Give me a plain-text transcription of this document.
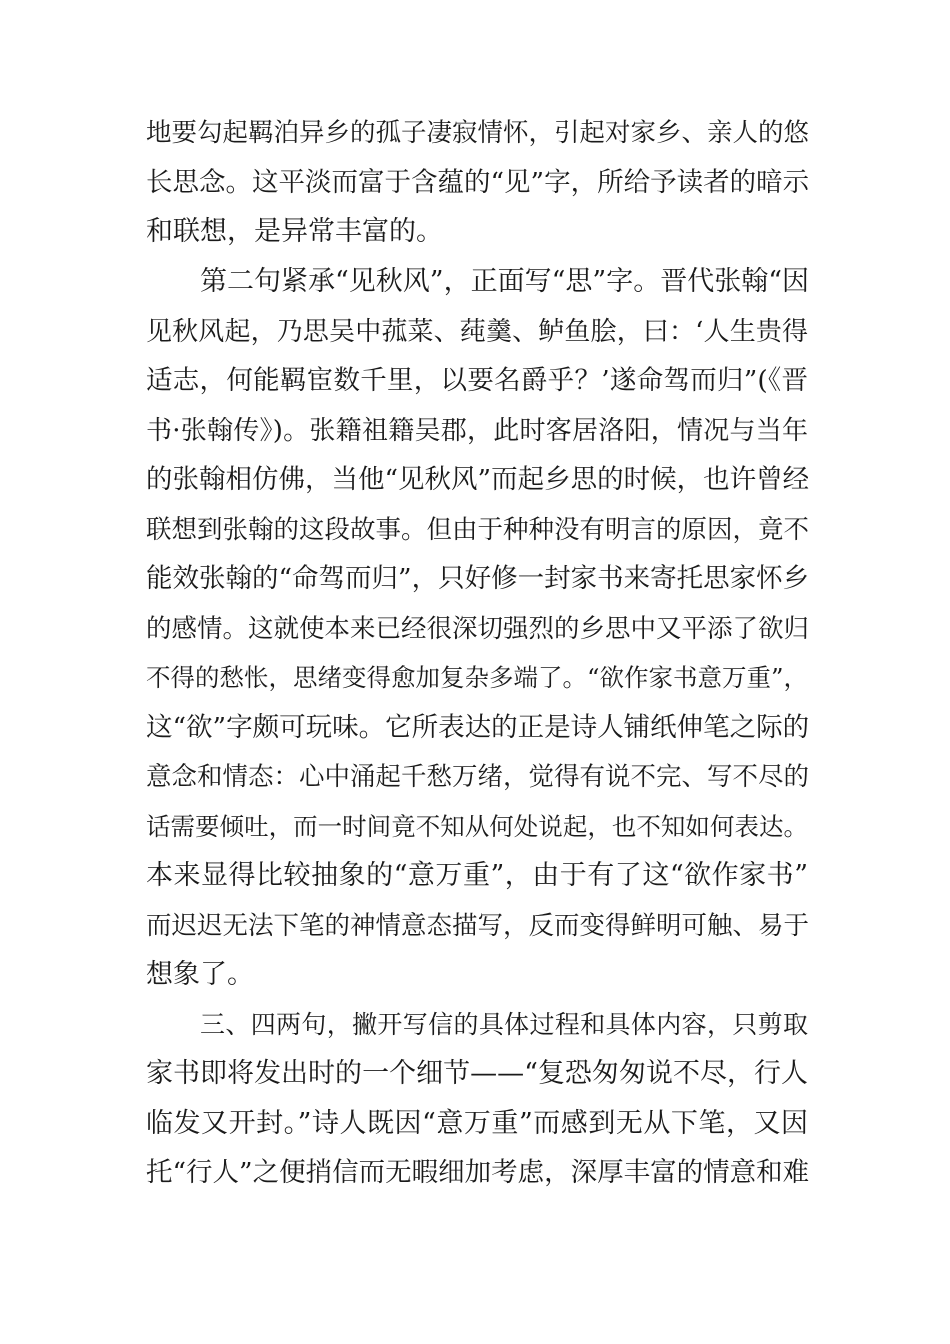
地要勾起羁泊异乡的孤子凄寂情怀，引起对家乡、亲人的悠
长思念。这平淡而富于含蕴的“见”字，所给予读者的暗示
和联想，是异常丰富的。
第二句紧承“见秋风”，正面写“思”字。晋代张翰“因
见秋风起，乃思吴中菰菜、莼羹、鲈鱼脍，曰：‘人生贵得
适志，何能羁宦数千里，以要名爵乎？’遂命驾而归”(《晋
书·张翰传》)。张籍祖籍吴郡，此时客居洛阳，情况与当年
的张翰相仿佛，当他“见秋风”而起乡思的时候，也许曾经
联想到张翰的这段故事。但由于种种没有明言的原因，竟不
能效张翰的“命驾而归”，只好修一封家书来寄托思家怀乡
的感情。这就使本来已经很深切强烈的乡思中又平添了欲归
不得的愁怅，思绪变得愈加复杂多端了。“欲作家书意万重”，
这“欲”字颇可玩味。它所表达的正是诗人铺纸伸笔之际的
意念和情态：心中涌起千愁万绪，觉得有说不完、写不尽的
话需要倾吐，而一时间竟不知从何处说起，也不知如何表达。
本来显得比较抽象的“意万重”，由于有了这“欲作家书”
而迟迟无法下笔的神情意态描写，反而变得鲜明可触、易于
想象了。
三、四两句，撇开写信的具体过程和具体内容，只剪取
家书即将发出时的一个细节——“复恐匆匆说不尽，行人
临发又开封。”诗人既因“意万重”而感到无从下笔，又因
托“行人”之便捎信而无暇细加考虑，深厚丰富的情意和难
